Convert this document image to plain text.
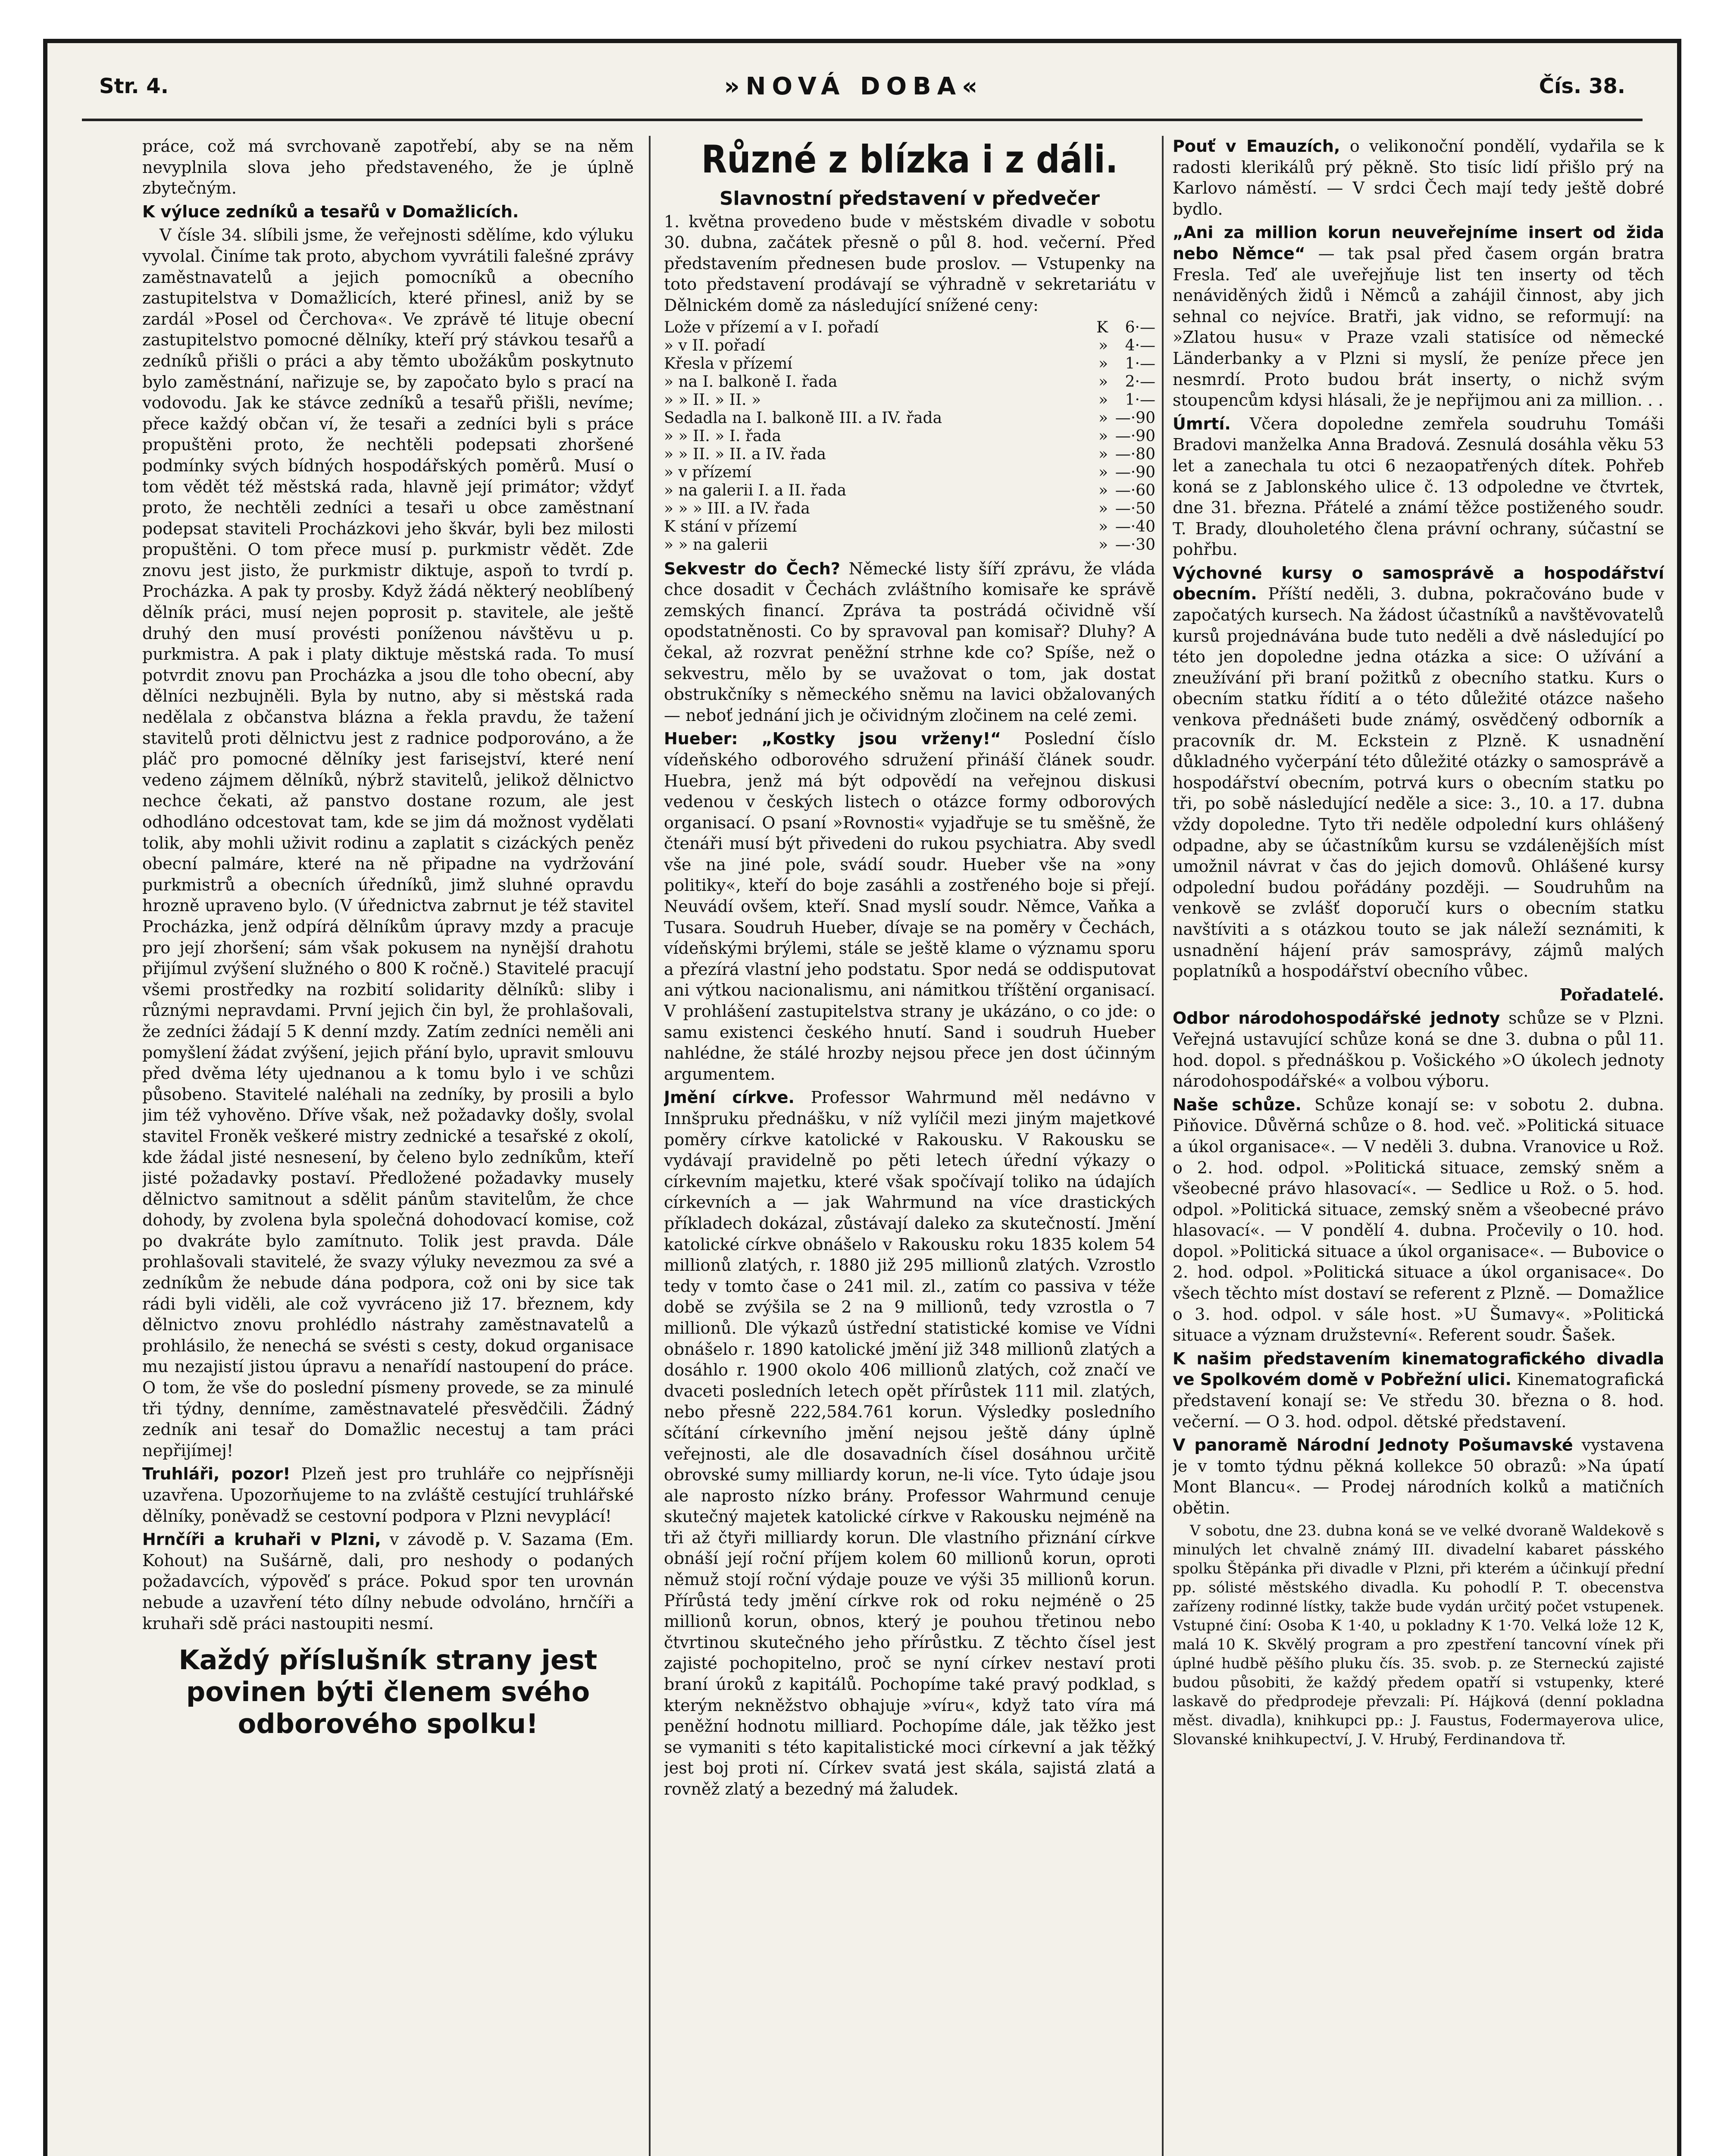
Str. 4.	»NOVÁ DOBA«	Čís. 38.

práce, což má svrchovaně zapotřebí, aby se na něm nevyplnila slova jeho představeného, že je úplně zbytečným.

K výluce zedníků a tesařů v Domažlicích.

V čísle 34. slíbili jsme, že veřejnosti sdělíme, kdo výluku vyvolal. Činíme tak proto, abychom vyvrátili falešné zprávy zaměstnavatelů a jejich pomocníků a obecního zastupitelstva v Domažlicích, které přinesl, aniž by se zardál »Posel od Čerchova«. Ve zprávě té lituje obecní zastupitelstvo pomocné dělníky, kteří prý stávkou tesařů a zedníků přišli o práci a aby těmto ubožákům poskytnuto bylo zaměstnání, nařizuje se, by započato bylo s prací na vodovodu. Jak ke stávce zedníků a tesařů přišli, nevíme; přece každý občan ví, že tesaři a zedníci byli s práce propuštěni proto, že nechtěli podepsati zhoršené podmínky svých bídných hospodářských poměrů. Musí o tom vědět též městská rada, hlavně její primátor; vždyť proto, že nechtěli zedníci a tesaři u obce zaměstnaní podepsat staviteli Procházkovi jeho škvár, byli bez milosti propuštěni. O tom přece musí p. purkmistr vědět. Zde znovu jest jisto, že purkmistr diktuje, aspoň to tvrdí p. Procházka. A pak ty prosby. Když žádá některý neoblíbený dělník práci, musí nejen poprosit p. stavitele, ale ještě druhý den musí provésti poníženou návštěvu u p. purkmistra. A pak i platy diktuje městská rada. To musí potvrdit znovu pan Procházka a jsou dle toho obecní, aby dělníci nezbujněli. Byla by nutno, aby si městská rada nedělala z občanstva blázna a řekla pravdu, že tažení stavitelů proti dělnictvu jest z radnice podporováno, a že pláč pro pomocné dělníky jest farisejství, které není vedeno zájmem dělníků, nýbrž stavitelů, jelikož dělnictvo nechce čekati, až panstvo dostane rozum, ale jest odhodláno odcestovat tam, kde se jim dá možnost vydělati tolik, aby mohli uživit rodinu a zaplatit s cizáckých peněz obecní palmáre, které na ně připadne na vydržování purkmistrů a obecních úředníků, jimž sluhné opravdu hrozně upraveno bylo. (V úřednictva zabrnut je též stavitel Procházka, jenž odpírá dělníkům úpravy mzdy a pracuje pro její zhoršení; sám však pokusem na nynější drahotu přijímul zvýšení služného o 800 K ročně.) Stavitelé pracují všemi prostředky na rozbití solidarity dělníků: sliby i různými nepravdami. První jejich čin byl, že prohlašovali, že zedníci žádají 5 K denní mzdy. Zatím zedníci neměli ani pomyšlení žádat zvýšení, jejich přání bylo, upravit smlouvu před dvěma léty ujednanou a k tomu bylo i ve schůzi působeno. Stavitelé naléhali na zedníky, by prosili a bylo jim též vyhověno. Dříve však, než požadavky došly, svolal stavitel Froněk veškeré mistry zednické a tesařské z okolí, kde žádal jisté nesnesení, by čeleno bylo zedníkům, kteří jisté požadavky postaví. Předložené požadavky musely dělnictvo samitnout a sdělit pánům stavitelům, že chce dohody, by zvolena byla společná dohodovací komise, což po dvakráte bylo zamítnuto. Tolik jest pravda. Dále prohlašovali stavitelé, že svazy výluky nevezmou za své a zedníkům že nebude dána podpora, což oni by sice tak rádi byli viděli, ale což vyvráceno již 17. březnem, kdy dělnictvo znovu prohlédlo nástrahy zaměstnavatelů a prohlásilo, že nenechá se svésti s cesty, dokud organisace mu nezajistí jistou úpravu a nenařídí nastoupení do práce. O tom, že vše do poslední písmeny provede, se za minulé tři týdny, denníme, zaměstnavatelé přesvědčili. Žádný zedník ani tesař do Domažlic necestuj a tam práci nepřijímej!

Truhláři, pozor! Plzeň jest pro truhláře co nejpřísněji uzavřena. Upozorňujeme to na zvláště cestující truhlářské dělníky, poněvadž se cestovní podpora v Plzni nevyplácí!

Hrnčíři a kruhaři v Plzni, v závodě p. V. Sazama (Em. Kohout) na Sušárně, dali, pro neshody o podaných požadavcích, výpověď s práce. Pokud spor ten urovnán nebude a uzavření této dílny nebude odvoláno, hrnčíři a kruhaři sdě práci nastoupiti nesmí.

Každý příslušník strany jest povinen býti členem svého odborového spolku!
Různé z blízka i z dáli.
Slavnostní představení v předvečer

1. května provedeno bude v městském divadle v sobotu 30. dubna, začátek přesně o půl 8. hod. večerní. Před představením přednesen bude proslov. — Vstupenky na toto představení prodávají se výhradně v sekretariátu v Dělnickém domě za následující snížené ceny:

Lože v přízemí a v I. pořadí	K	6·—
» v II. pořadí	»	4·—
Křesla v přízemí	»	1·—
» na I. balkoně I. řada	»	2·—
» » II. » II. »	»	1·—
Sedadla na I. balkoně III. a IV. řada	»	—·90
» » II. » I. řada	»	—·90
» » II. » II. a IV. řada	»	—·80
» v přízemí	»	—·90
» na galerii I. a II. řada	»	—·60
» » » III. a IV. řada	»	—·50
K stání v přízemí	»	—·40
» » na galerii	»	—·30

Sekvestr do Čech? Německé listy šíří zprávu, že vláda chce dosadit v Čechách zvláštního komisaře ke správě zemských financí. Zpráva ta postrádá očividně vší opodstatněnosti. Co by spravoval pan komisař? Dluhy? A čekal, až rozvrat peněžní strhne kde co? Spíše, než o sekvestru, mělo by se uvažovat o tom, jak dostat obstrukčníky s německého sněmu na lavici obžalovaných — neboť jednání jich je očividným zločinem na celé zemi.

Hueber: „Kostky jsou vrženy!“ Poslední číslo vídeňského odborového sdružení přináší článek soudr. Huebra, jenž má být odpovědí na veřejnou diskusi vedenou v českých listech o otázce formy odborových organisací. O psaní »Rovnosti« vyjadřuje se tu směšně, že čtenáři musí být přivedeni do rukou psychiatra. Aby svedl vše na jiné pole, svádí soudr. Hueber vše na »ony politiky«, kteří do boje zasáhli a zostřeného boje si přejí. Neuvádí ovšem, kteří. Snad myslí soudr. Němce, Vaňka a Tusara. Soudruh Hueber, dívaje se na poměry v Čechách, vídeňskými brýlemi, stále se ještě klame o významu sporu a přezírá vlastní jeho podstatu. Spor nedá se oddisputovat ani výtkou nacionalismu, ani námitkou tříštění organisací. V prohlášení zastupitelstva strany je ukázáno, o co jde: o samu existenci českého hnutí. Sand i soudruh Hueber nahlédne, že stálé hrozby nejsou přece jen dost účinným argumentem.

Jmění církve. Professor Wahrmund měl nedávno v Innšpruku přednášku, v níž vylíčil mezi jiným majetkové poměry církve katolické v Rakousku. V Rakousku se vydávají pravidelně po pěti letech úřední výkazy o církevním majetku, které však spočívají toliko na údajích církevních a — jak Wahrmund na více drastických příkladech dokázal, zůstávají daleko za skutečností. Jmění katolické církve obnášelo v Rakousku roku 1835 kolem 54 millionů zlatých, r. 1880 již 295 millionů zlatých. Vzrostlo tedy v tomto čase o 241 mil. zl., zatím co passiva v téže době se zvýšila se 2 na 9 millionů, tedy vzrostla o 7 millionů. Dle výkazů ústřední statistické komise ve Vídni obnášelo r. 1890 katolické jmění již 348 millionů zlatých a dosáhlo r. 1900 okolo 406 millionů zlatých, což značí ve dvaceti posledních letech opět přírůstek 111 mil. zlatých, nebo přesně 222,584.761 korun. Výsledky posledního sčítání církevního jmění nejsou ještě dány úplně veřejnosti, ale dle dosavadních čísel dosáhnou určitě obrovské sumy milliardy korun, ne-li více. Tyto údaje jsou ale naprosto nízko brány. Professor Wahrmund cenuje skutečný majetek katolické církve v Rakousku nejméně na tři až čtyři milliardy korun. Dle vlastního přiznání církve obnáší její roční příjem kolem 60 millionů korun, oproti němuž stojí roční výdaje pouze ve výši 35 millionů korun. Přírůstá tedy jmění církve rok od roku nejméně o 25 millionů korun, obnos, který je pouhou třetinou nebo čtvrtinou skutečného jeho přírůstku. Z těchto čísel jest zajisté pochopitelno, proč se nyní církev nestaví proti braní úroků z kapitálů. Pochopíme také pravý podklad, s kterým nekněžstvo obhajuje »víru«, když tato víra má peněžní hodnotu milliard. Pochopíme dále, jak těžko jest se vymaniti s této kapitalistické moci církevní a jak těžký jest boj proti ní. Církev svatá jest skála, sajistá zlatá a rovněž zlatý a bezedný má žaludek.

Pouť v Emauzích, o velikonoční pondělí, vydařila se k radosti klerikálů prý pěkně. Sto tisíc lidí přišlo prý na Karlovo náměstí. — V srdci Čech mají tedy ještě dobré bydlo.

„Ani za million korun neuveřejníme insert od žida nebo Němce“ — tak psal před časem orgán bratra Fresla. Teď ale uveřejňuje list ten inserty od těch nenáviděných židů i Němců a zahájil činnost, aby jich sehnal co nejvíce. Bratři, jak vidno, se reformují: na »Zlatou husu« v Praze vzali statisíce od německé Länderbanky a v Plzni si myslí, že peníze přece jen nesmrdí. Proto budou brát inserty, o nichž svým stoupencům kdysi hlásali, že je nepřijmou ani za million. . .

Úmrtí. Včera dopoledne zemřela soudruhu Tomáši Bradovi manželka Anna Bradová. Zesnulá dosáhla věku 53 let a zanechala tu otci 6 nezaopatřených dítek. Pohřeb koná se z Jablonského ulice č. 13 odpoledne ve čtvrtek, dne 31. března. Přátelé a známí těžce postiženého soudr. T. Brady, dlouholetého člena právní ochrany, súčastní se pohřbu.

Výchovné kursy o samosprávě a hospodářství obecním. Příští neděli, 3. dubna, pokračováno bude v započatých kursech. Na žádost účastníků a navštěvovatelů kursů projednávána bude tuto neděli a dvě následující po této jen dopoledne jedna otázka a sice: O užívání a zneužívání při braní požitků z obecního statku. Kurs o obecním statku řídití a o této důležité otázce našeho venkova přednášeti bude známý, osvědčený odborník a pracovník dr. M. Eckstein z Plzně. K usnadnění důkladného vyčerpání této důležité otázky o samosprávě a hospodářství obecním, potrvá kurs o obecním statku po tři, po sobě následující neděle a sice: 3., 10. a 17. dubna vždy dopoledne. Tyto tři neděle odpolední kurs ohlášený odpadne, aby se účastníkům kursu se vzdálenějších míst umožnil návrat v čas do jejich domovů. Ohlášené kursy odpolední budou pořádány později. — Soudruhům na venkově se zvlášť doporučí kurs o obecním statku navštíviti a s otázkou touto se jak náleží seznámiti, k usnadnění hájení práv samosprávy, zájmů malých poplatníků a hospodářství obecního vůbec.

Pořadatelé.

Odbor národohospodářské jednoty schůze se v Plzni. Veřejná ustavující schůze koná se dne 3. dubna o půl 11. hod. dopol. s přednáškou p. Vošického »O úkolech jednoty národohospodářské« a volbou výboru.

Naše schůze. Schůze konají se: v sobotu 2. dubna. Piňovice. Důvěrná schůze o 8. hod. več. »Politická situace a úkol organisace«. — V neděli 3. dubna. Vranovice u Rož. o 2. hod. odpol. »Politická situace, zemský sněm a všeobecné právo hlasovací«. — Sedlice u Rož. o 5. hod. odpol. »Politická situace, zemský sněm a všeobecné právo hlasovací«. — V pondělí 4. dubna. Pročevily o 10. hod. dopol. »Politická situace a úkol organisace«. — Bubovice o 2. hod. odpol. »Politická situace a úkol organisace«. Do všech těchto míst dostaví se referent z Plzně. — Domažlice o 3. hod. odpol. v sále host. »U Šumavy«. »Politická situace a význam družstevní«. Referent soudr. Šašek.

K našim představením kinematografického divadla ve Spolkovém domě v Pobřežní ulici. Kinematografická představení konají se: Ve středu 30. března o 8. hod. večerní. — O 3. hod. odpol. dětské představení.

V panoramě Národní Jednoty Pošumavské vystavena je v tomto týdnu pěkná kollekce 50 obrazů: »Na úpatí Mont Blancu«. — Prodej národních kolků a matičních obětin.

V sobotu, dne 23. dubna koná se ve velké dvoraně Waldekově s minulých let chvalně známý III. divadelní kabaret pásského spolku Štěpánka při divadle v Plzni, při kterém a účinkují přední pp. sólisté městského divadla. Ku pohodlí P. T. obecenstva zařízeny rodinné lístky, takže bude vydán určitý počet vstupenek. Vstupné činí: Osoba K 1·40, u pokladny K 1·70. Velká lože 12 K, malá 10 K. Skvělý program a pro zpestření tancovní vínek při úplné hudbě pěšího pluku čís. 35. svob. p. ze Sterneckú zajisté budou působiti, že každý předem opatří si vstupenky, které laskavě do předprodeje převzali: Pí. Hájková (denní pokladna měst. divadla), knihkupci pp.: J. Faustus, Fodermayerova ulice, Slovanské knihkupectví, J. V. Hrubý, Ferdinandova tř.
